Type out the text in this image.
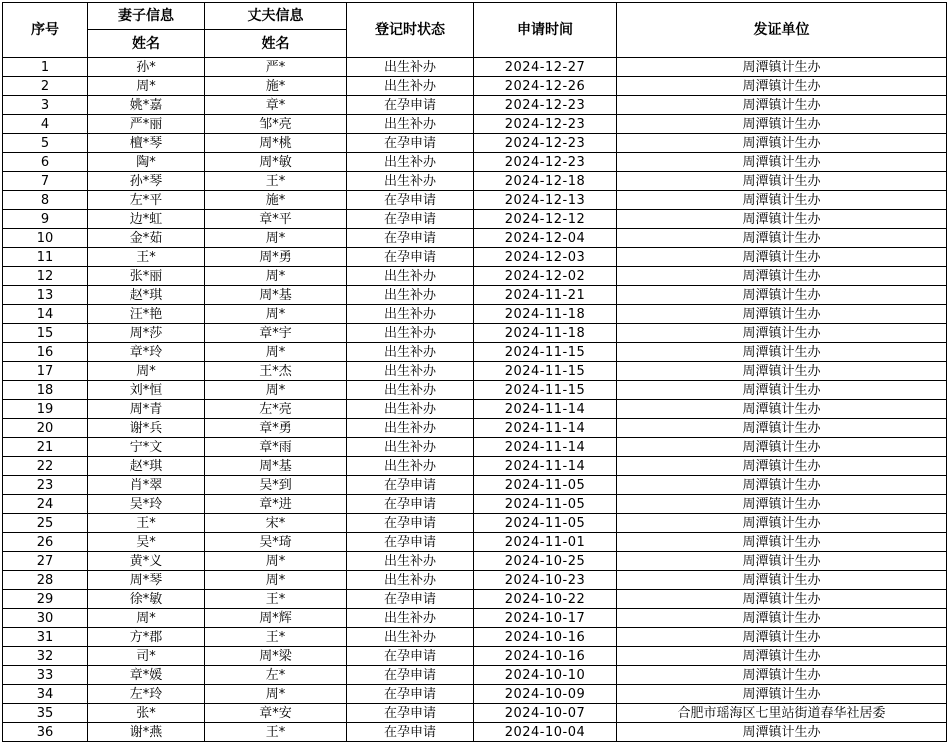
序号	妻子信息	丈夫信息	登记时状态	申请时间	发证单位
	姓名	姓名			
1	孙*	严*	出生补办	2024-12-27	周潭镇计生办
2	周*	施*	出生补办	2024-12-26	周潭镇计生办
3	姚*嘉	章*	在孕申请	2024-12-23	周潭镇计生办
4	严*丽	邹*亮	出生补办	2024-12-23	周潭镇计生办
5	檀*琴	周*桃	在孕申请	2024-12-23	周潭镇计生办
6	陶*	周*敏	出生补办	2024-12-23	周潭镇计生办
7	孙*琴	王*	出生补办	2024-12-18	周潭镇计生办
8	左*平	施*	在孕申请	2024-12-13	周潭镇计生办
9	边*虹	章*平	在孕申请	2024-12-12	周潭镇计生办
10	金*茹	周*	在孕申请	2024-12-04	周潭镇计生办
11	王*	周*勇	在孕申请	2024-12-03	周潭镇计生办
12	张*丽	周*	出生补办	2024-12-02	周潭镇计生办
13	赵*琪	周*基	出生补办	2024-11-21	周潭镇计生办
14	汪*艳	周*	出生补办	2024-11-18	周潭镇计生办
15	周*莎	章*宇	出生补办	2024-11-18	周潭镇计生办
16	章*玲	周*	出生补办	2024-11-15	周潭镇计生办
17	周*	王*杰	出生补办	2024-11-15	周潭镇计生办
18	刘*恒	周*	出生补办	2024-11-15	周潭镇计生办
19	周*青	左*亮	出生补办	2024-11-14	周潭镇计生办
20	谢*兵	章*勇	出生补办	2024-11-14	周潭镇计生办
21	宁*文	章*雨	出生补办	2024-11-14	周潭镇计生办
22	赵*琪	周*基	出生补办	2024-11-14	周潭镇计生办
23	肖*翠	吴*到	在孕申请	2024-11-05	周潭镇计生办
24	吴*玲	章*进	在孕申请	2024-11-05	周潭镇计生办
25	王*	宋*	在孕申请	2024-11-05	周潭镇计生办
26	吴*	吴*琦	在孕申请	2024-11-01	周潭镇计生办
27	黄*义	周*	出生补办	2024-10-25	周潭镇计生办
28	周*琴	周*	出生补办	2024-10-23	周潭镇计生办
29	徐*敏	王*	在孕申请	2024-10-22	周潭镇计生办
30	周*	周*辉	出生补办	2024-10-17	周潭镇计生办
31	方*郡	王*	出生补办	2024-10-16	周潭镇计生办
32	司*	周*梁	在孕申请	2024-10-16	周潭镇计生办
33	章*媛	左*	在孕申请	2024-10-10	周潭镇计生办
34	左*玲	周*	在孕申请	2024-10-09	周潭镇计生办
35	张*	章*安	在孕申请	2024-10-07	合肥市瑶海区七里站街道春华社居委
36	谢*燕	王*	在孕申请	2024-10-04	周潭镇计生办
